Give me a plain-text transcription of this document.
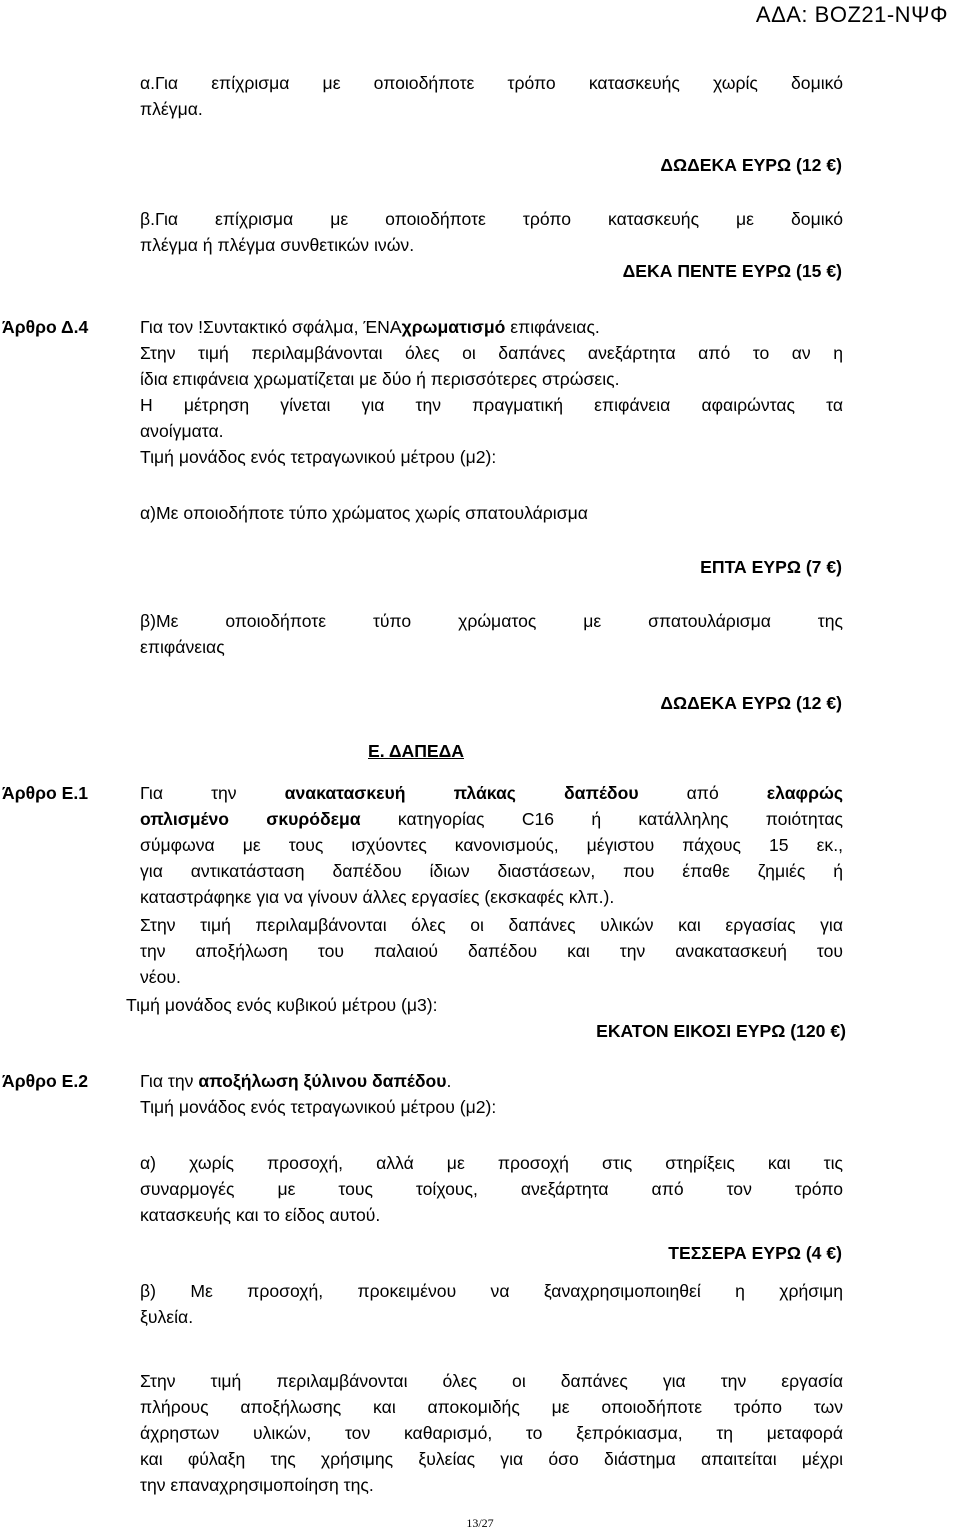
ΑΔΑ: ΒΟΖ21-ΝΨΦ
α.Για επίχρισμα με οποιοδήποτε τρόπο κατασκευής χωρίς δομικό
πλέγμα.
ΔΩΔΕΚΑ ΕΥΡΩ (12 €)
β.Για επίχρισμα με οποιοδήποτε τρόπο κατασκευής με δομικό
πλέγμα ή πλέγμα συνθετικών ινών.
ΔΕΚΑ ΠΕΝΤΕ ΕΥΡΩ (15 €)
Άρθρο Δ.4	Για τον !Συντακτικό σφάλμα, ΈΝΑχρωματισμό επιφάνειας.
Στην τιμή περιλαμβάνονται όλες οι δαπάνες ανεξάρτητα από το αν η
ίδια επιφάνεια χρωματίζεται με δύο ή περισσότερες στρώσεις.
Η μέτρηση γίνεται για την πραγματική επιφάνεια αφαιρώντας τα
ανοίγματα.
Τιμή μονάδος ενός τετραγωνικού μέτρου (μ2):
α)Με οποιοδήποτε τύπο χρώματος χωρίς σπατουλάρισμα
ΕΠΤΑ ΕΥΡΩ (7 €)
β)Με οποιοδήποτε τύπο χρώματος με σπατουλάρισμα της
επιφάνειας
ΔΩΔΕΚΑ ΕΥΡΩ (12 €)
Ε. ΔΑΠΕΔΑ
Άρθρο Ε.1	Για την ανακατασκευή	πλάκας δαπέδου από ελαφρώς
οπλισμένο σκυρόδεμα κατηγορίας C16 ή κατάλληλης ποιότητας
σύμφωνα με τους ισχύοντες κανονισμούς, μέγιστου πάχους 15 εκ.,
για αντικατάσταση δαπέδου ίδιων διαστάσεων, που έπαθε ζημιές ή
καταστράφηκε για να γίνουν άλλες εργασίες (εκσκαφές κλπ.).
Στην τιμή περιλαμβάνονται όλες οι δαπάνες υλικών και εργασίας για
την αποξήλωση του παλαιού δαπέδου και την ανακατασκευή του
νέου.
Τιμή μονάδος ενός κυβικού μέτρου (μ3):
ΕΚΑΤΟΝ ΕΙΚΟΣΙ ΕΥΡΩ (120 €)
Άρθρο Ε.2	Για την αποξήλωση ξύλινου δαπέδου.
Τιμή μονάδος ενός τετραγωνικού μέτρου (μ2):
α) χωρίς προσοχή, αλλά με προσοχή στις στηρίξεις και τις
συναρμογές με τους τοίχους, ανεξάρτητα από τον τρόπο
κατασκευής και το είδος αυτού.
ΤΕΣΣΕΡΑ ΕΥΡΩ (4 €)
β) Με προσοχή, προκειμένου να ξαναχρησιμοποιηθεί η χρήσιμη
ξυλεία.
Στην τιμή περιλαμβάνονται όλες οι δαπάνες για την εργασία
πλήρους αποξήλωσης και αποκομιδής με οποιοδήποτε τρόπο των
άχρηστων υλικών, τον καθαρισμό, το ξεπρόκιασμα, τη μεταφορά
και φύλαξη της χρήσιμης ξυλείας για όσο διάστημα απαιτείται μέχρι
την επαναχρησιμοποίηση της.
13/27
